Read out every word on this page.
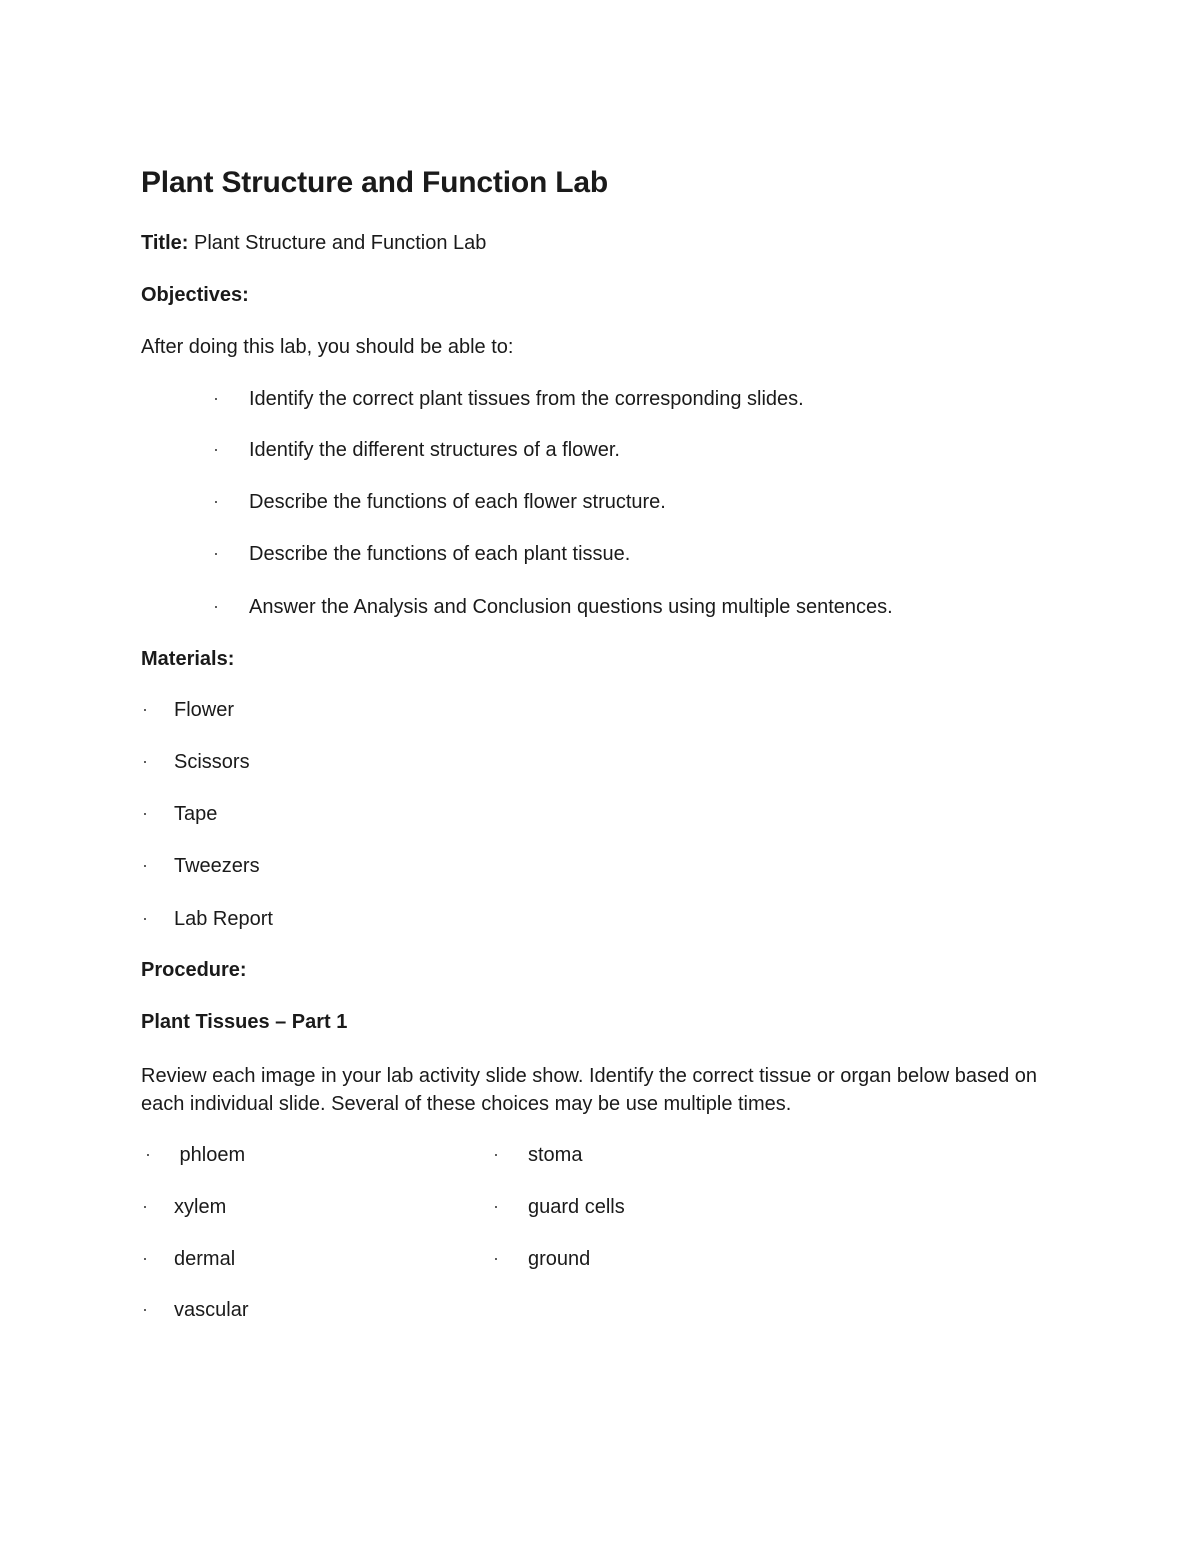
Plant Structure and Function Lab
Title: Plant Structure and Function Lab
Objectives:
After doing this lab, you should be able to:
· Identify the correct plant tissues from the corresponding slides.
· Identify the different structures of a flower.
· Describe the functions of each flower structure.
· Describe the functions of each plant tissue.
· Answer the Analysis and Conclusion questions using multiple sentences.
Materials:
· Flower
· Scissors
· Tape
· Tweezers
· Lab Report
Procedure:
Plant Tissues – Part 1
Review each image in your lab activity slide show. Identify the correct tissue or organ below based on each individual slide. Several of these choices may be use multiple times.
· phloem
· xylem
· dermal
· vascular
· stoma
· guard cells
· ground
